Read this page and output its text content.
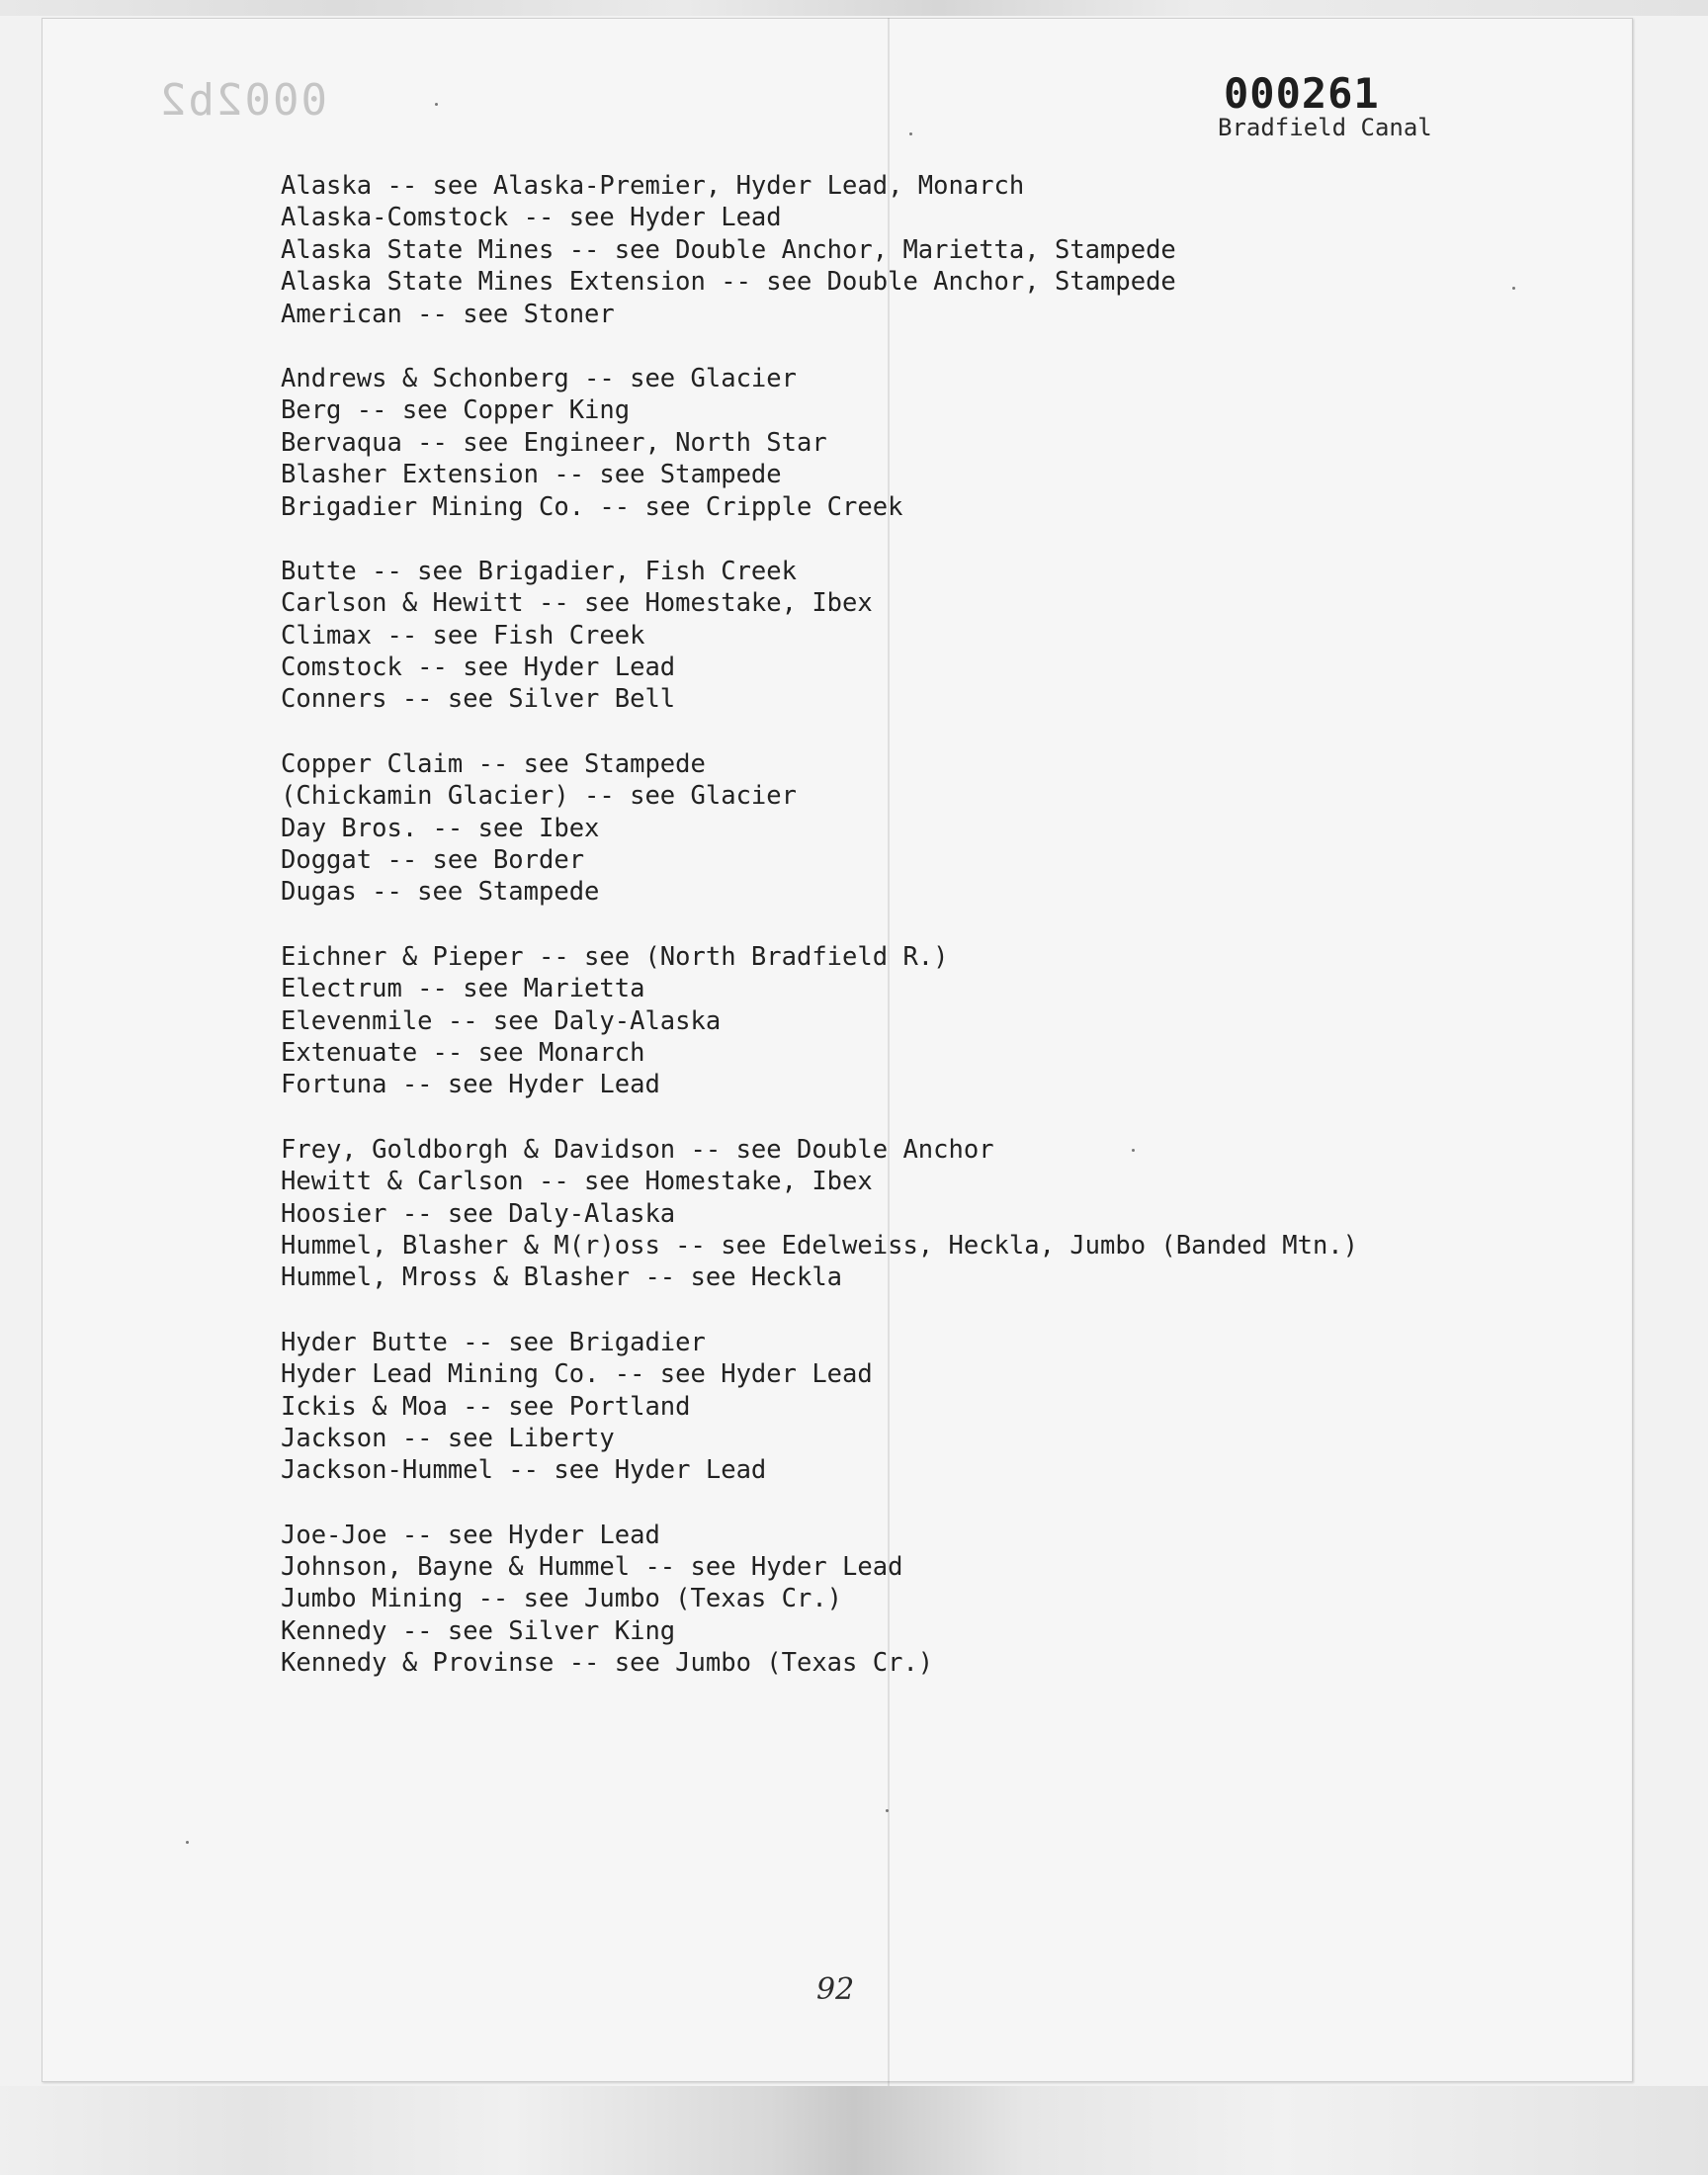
0002b2	000261
Bradfield Canal
Alaska -- see Alaska-Premier, Hyder Lead, Monarch
Alaska-Comstock -- see Hyder Lead
Alaska State Mines -- see Double Anchor, Marietta, Stampede
Alaska State Mines Extension -- see Double Anchor, Stampede
American -- see Stoner
Andrews & Schonberg -- see Glacier
Berg -- see Copper King
Bervaqua -- see Engineer, North Star
Blasher Extension -- see Stampede
Brigadier Mining Co. -- see Cripple Creek
Butte -- see Brigadier, Fish Creek
Carlson & Hewitt -- see Homestake, Ibex
Climax -- see Fish Creek
Comstock -- see Hyder Lead
Conners -- see Silver Bell
Copper Claim -- see Stampede
(Chickamin Glacier) -- see Glacier
Day Bros. -- see Ibex
Doggat -- see Border
Dugas -- see Stampede
Eichner & Pieper -- see (North Bradfield R.)
Electrum -- see Marietta
Elevenmile -- see Daly-Alaska
Extenuate -- see Monarch
Fortuna -- see Hyder Lead
Frey, Goldborgh & Davidson -- see Double Anchor
Hewitt & Carlson -- see Homestake, Ibex
Hoosier -- see Daly-Alaska
Hummel, Blasher & M(r)oss -- see Edelweiss, Heckla, Jumbo (Banded Mtn.)
Hummel, Mross & Blasher -- see Heckla
Hyder Butte -- see Brigadier
Hyder Lead Mining Co. -- see Hyder Lead
Ickis & Moa -- see Portland
Jackson -- see Liberty
Jackson-Hummel -- see Hyder Lead
Joe-Joe -- see Hyder Lead
Johnson, Bayne & Hummel -- see Hyder Lead
Jumbo Mining -- see Jumbo (Texas Cr.)
Kennedy -- see Silver King
Kennedy & Provinse -- see Jumbo (Texas Cr.)
92
